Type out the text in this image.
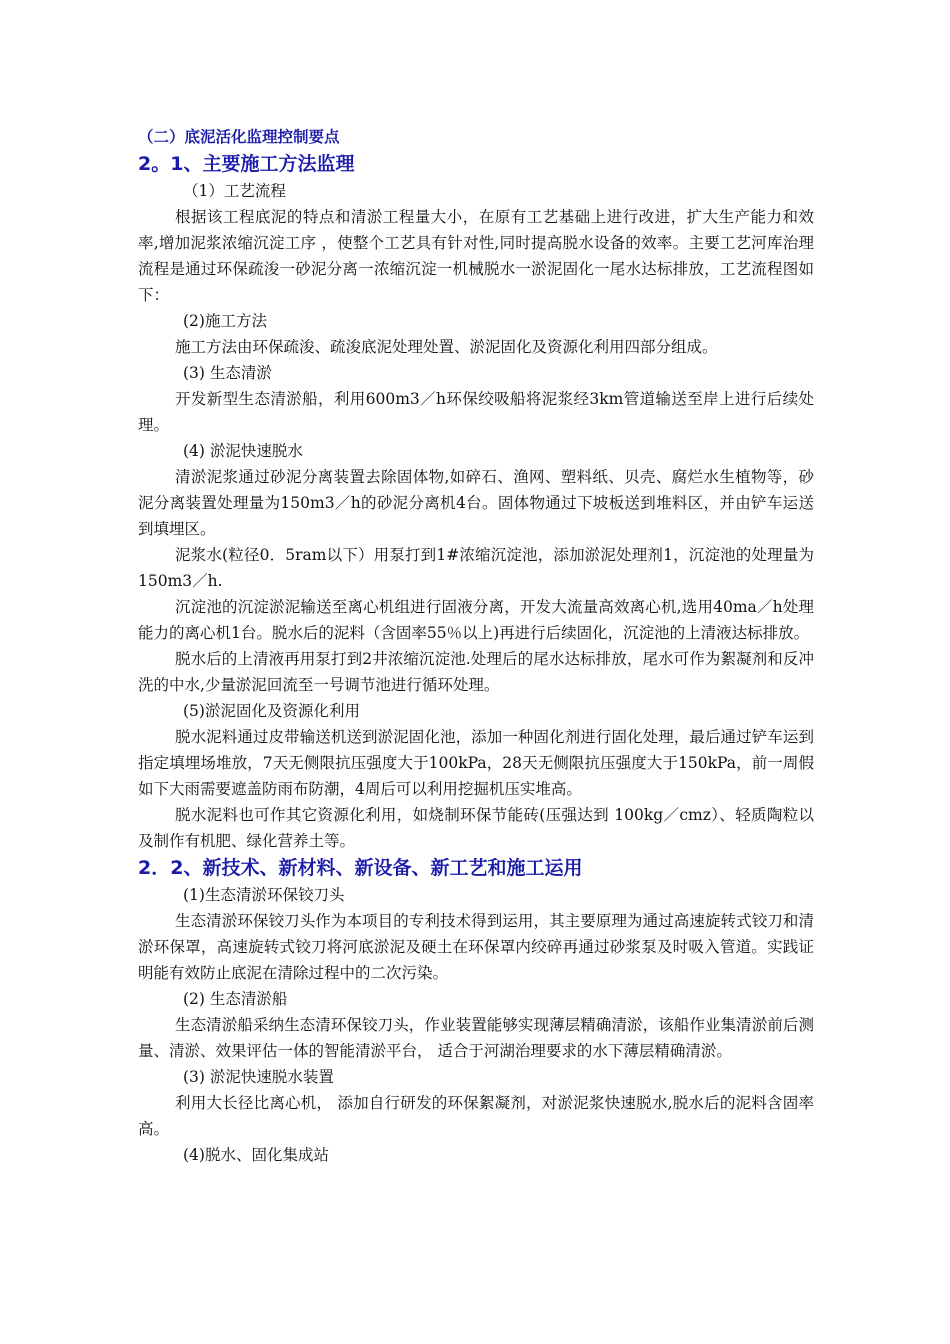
（二）底泥活化监理控制要点

2。1、主要施工方法监理

（1）工艺流程

根据该工程底泥的特点和清淤工程量大小，在原有工艺基础上进行改进，扩大生产能力和效率,增加泥浆浓缩沉淀工序 ，使整个工艺具有针对性,同时提高脱水设备的效率。主要工艺河库治理流程是通过环保疏浚一砂泥分离一浓缩沉淀一机械脱水一淤泥固化一尾水达标排放，工艺流程图如下：

(2)施工方法

施工方法由环保疏浚、疏浚底泥处理处置、淤泥固化及资源化利用四部分组成。

(3) 生态清淤

开发新型生态清淤船，利用600m3／h环保绞吸船将泥浆经3km管道输送至岸上进行后续处理。

(4) 淤泥快速脱水

清淤泥浆通过砂泥分离装置去除固体物,如碎石、渔网、塑料纸、贝壳、腐烂水生植物等，砂泥分离装置处理量为150m3／h的砂泥分离机4台。固体物通过下坡板送到堆料区，并由铲车运送到填埋区。

泥浆水(粒径0．5ram以下）用泵打到1#浓缩沉淀池，添加淤泥处理剂1，沉淀池的处理量为150m3／h.

沉淀池的沉淀淤泥输送至离心机组进行固液分离，开发大流量高效离心机,选用40ma／h处理能力的离心机1台。脱水后的泥料（含固率55％以上)再进行后续固化，沉淀池的上清液达标排放。

脱水后的上清液再用泵打到2井浓缩沉淀池.处理后的尾水达标排放，尾水可作为絮凝剂和反冲洗的中水,少量淤泥回流至一号调节池进行循环处理。

(5)淤泥固化及资源化利用

脱水泥料通过皮带输送机送到淤泥固化池，添加一种固化剂进行固化处理，最后通过铲车运到指定填埋场堆放，7天无侧限抗压强度大于100kPa，28天无侧限抗压强度大于150kPa，前一周假如下大雨需要遮盖防雨布防潮，4周后可以利用挖掘机压实堆高。

脱水泥料也可作其它资源化利用，如烧制环保节能砖(压强达到 100kg／cmz）、轻质陶粒以及制作有机肥、绿化营养土等。

2．2、新技术、新材料、新设备、新工艺和施工运用

(1)生态清淤环保铰刀头

生态清淤环保铰刀头作为本项目的专利技术得到运用，其主要原理为通过高速旋转式铰刀和清淤环保罩，高速旋转式铰刀将河底淤泥及硬土在环保罩内绞碎再通过砂浆泵及时吸入管道。实践证明能有效防止底泥在清除过程中的二次污染。

(2) 生态清淤船

生态清淤船采纳生态清环保铰刀头，作业装置能够实现薄层精确清淤，该船作业集清淤前后测量、清淤、效果评估一体的智能清淤平台， 适合于河湖治理要求的水下薄层精确清淤。

(3) 淤泥快速脱水装置

利用大长径比离心机， 添加自行研发的环保絮凝剂，对淤泥浆快速脱水,脱水后的泥料含固率高。

(4)脱水、固化集成站
